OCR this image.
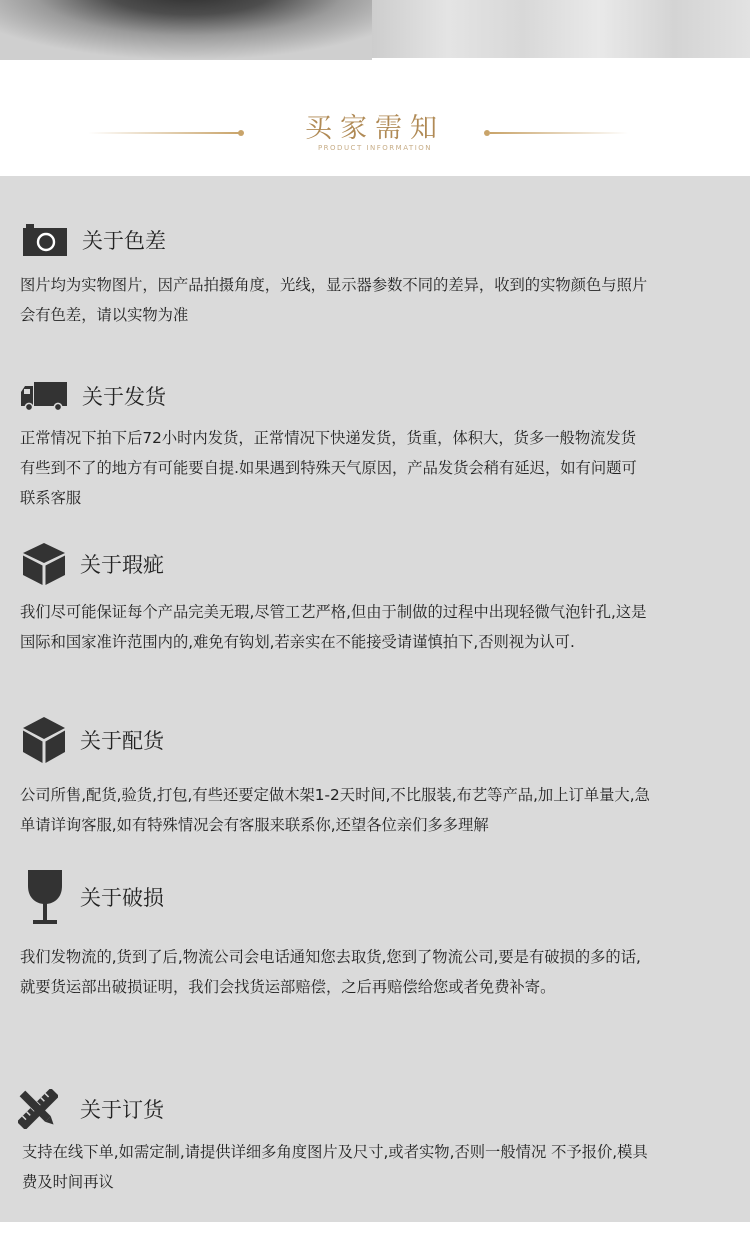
买家需知
PRODUCT INFORMATION
关于色差
图片均为实物图片，因产品拍摄角度，光线，显示器参数不同的差异，收到的实物颜色与照片
会有色差，请以实物为准
关于发货
正常情况下拍下后72小时内发货，正常情况下快递发货，货重，体积大，货多一般物流发货
有些到不了的地方有可能要自提.如果遇到特殊天气原因，产品发货会稍有延迟，如有问题可
联系客服
关于瑕疵
我们尽可能保证每个产品完美无瑕,尽管工艺严格,但由于制做的过程中出现轻微气泡针孔,这是
国际和国家准许范围内的,难免有钩划,若亲实在不能接受请谨慎拍下,否则视为认可.
关于配货
公司所售,配货,验货,打包,有些还要定做木架1-2天时间,不比服装,布艺等产品,加上订单量大,急
单请详询客服,如有特殊情况会有客服来联系你,还望各位亲们多多理解
关于破损
我们发物流的,货到了后,物流公司会电话通知您去取货,您到了物流公司,要是有破损的多的话,
就要货运部出破损证明，我们会找货运部赔偿，之后再赔偿给您或者免费补寄。
关于订货
支持在线下单,如需定制,请提供详细多角度图片及尺寸,或者实物,否则一般情况 不予报价,模具
费及时间再议
